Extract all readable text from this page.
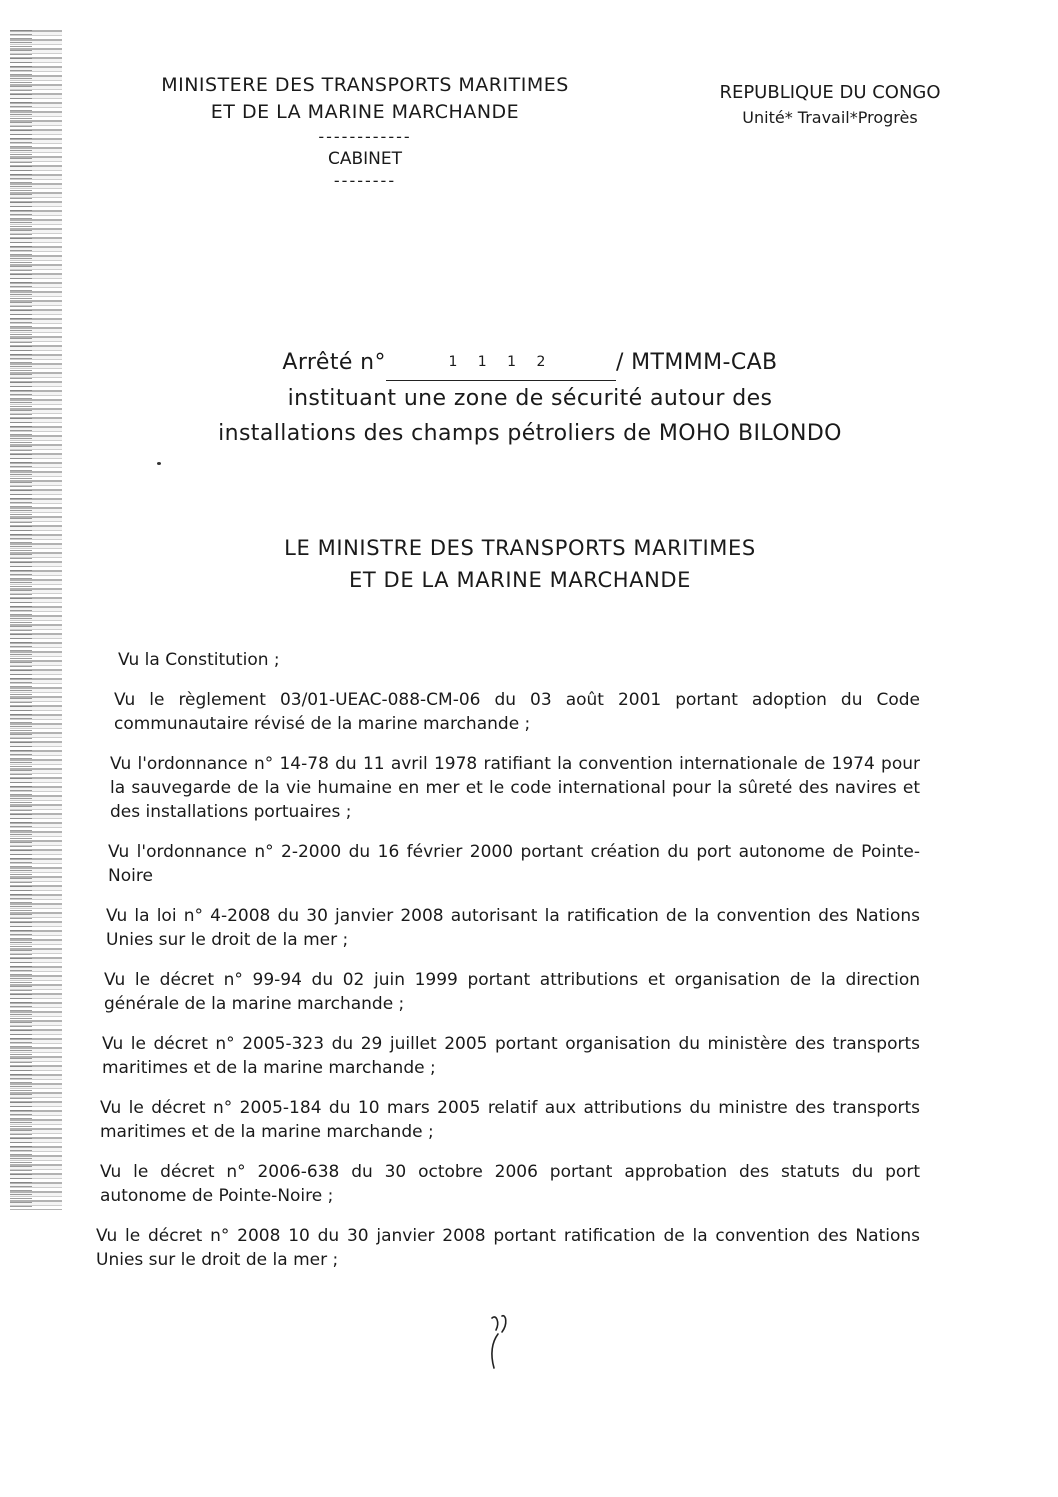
MINISTERE DES TRANSPORTS MARITIMES
ET DE LA MARINE MARCHANDE
------------
CABINET
--------
REPUBLIQUE DU CONGO
Unité* Travail*Progrès
Arrêté n°	1 1 1 2	/ MTMMM-CAB
instituant une zone de sécurité autour des
installations des champs pétroliers de MOHO BILONDO
LE MINISTRE DES TRANSPORTS MARITIMES
ET DE LA MARINE MARCHANDE

Vu la Constitution ;

Vu le règlement 03/01-UEAC-088-CM-06 du 03 août 2001 portant adoption du Code communautaire révisé de la marine marchande ;

Vu l'ordonnance n° 14-78 du 11 avril 1978 ratifiant la convention internationale de 1974 pour la sauvegarde de la vie humaine en mer et le code international pour la sûreté des navires et des installations portuaires ;

Vu l'ordonnance n° 2-2000 du 16 février 2000 portant création du port autonome de Pointe-Noire

Vu la loi n° 4-2008 du 30 janvier 2008 autorisant la ratification de la convention des Nations Unies sur le droit de la mer ;

Vu le décret n° 99-94 du 02 juin 1999 portant attributions et organisation de la direction générale de la marine marchande ;

Vu le décret n° 2005-323 du 29 juillet 2005 portant organisation du ministère des transports maritimes et de la marine marchande ;

Vu le décret n° 2005-184 du 10 mars 2005 relatif aux attributions du ministre des transports maritimes et de la marine marchande ;

Vu le décret n° 2006-638 du 30 octobre 2006 portant approbation des statuts du port autonome de Pointe-Noire ;

Vu le décret n° 2008 10 du 30 janvier 2008 portant ratification de la convention des Nations Unies sur le droit de la mer ;
